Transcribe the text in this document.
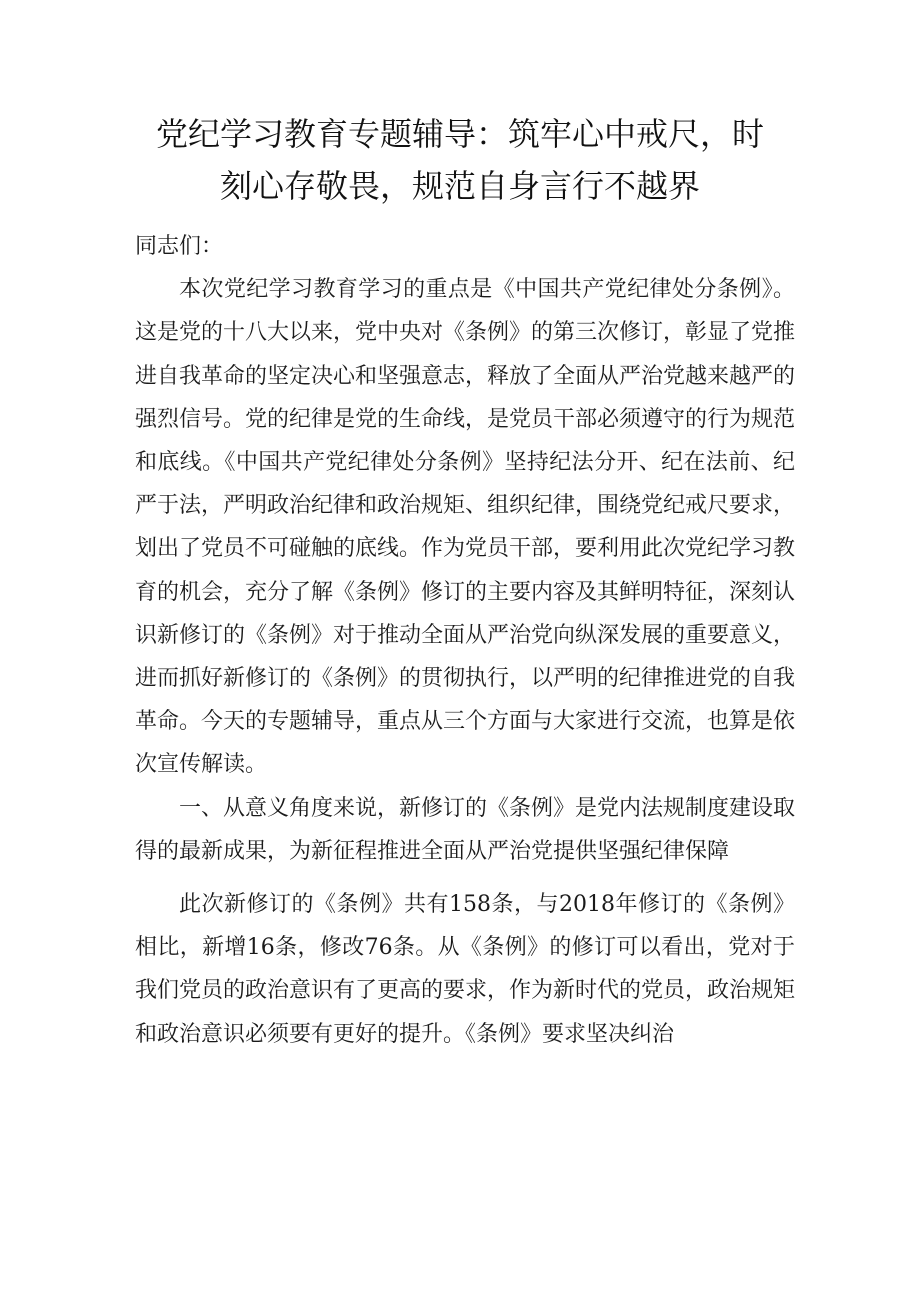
党纪学习教育专题辅导：筑牢心中戒尺，时
刻心存敬畏，规范自身言行不越界

同志们：

本次党纪学习教育学习的重点是《中国共产党纪律处分条例》。这是党的十八大以来，党中央对《条例》的第三次修订，彰显了党推进自我革命的坚定决心和坚强意志，释放了全面从严治党越来越严的强烈信号。党的纪律是党的生命线，是党员干部必须遵守的行为规范和底线。《中国共产党纪律处分条例》坚持纪法分开、纪在法前、纪严于法，严明政治纪律和政治规矩、组织纪律，围绕党纪戒尺要求，划出了党员不可碰触的底线。作为党员干部，要利用此次党纪学习教育的机会，充分了解《条例》修订的主要内容及其鲜明特征，深刻认识新修订的《条例》对于推动全面从严治党向纵深发展的重要意义，进而抓好新修订的《条例》的贯彻执行，以严明的纪律推进党的自我革命。今天的专题辅导，重点从三个方面与大家进行交流，也算是依次宣传解读。

一、从意义角度来说，新修订的《条例》是党内法规制度建设取得的最新成果，为新征程推进全面从严治党提供坚强纪律保障

此次新修订的《条例》共有158条，与2018年修订的《条例》相比，新增16条，修改76条。从《条例》的修订可以看出，党对于我们党员的政治意识有了更高的要求，作为新时代的党员，政治规矩和政治意识必须要有更好的提升。《条例》要求坚决纠治
